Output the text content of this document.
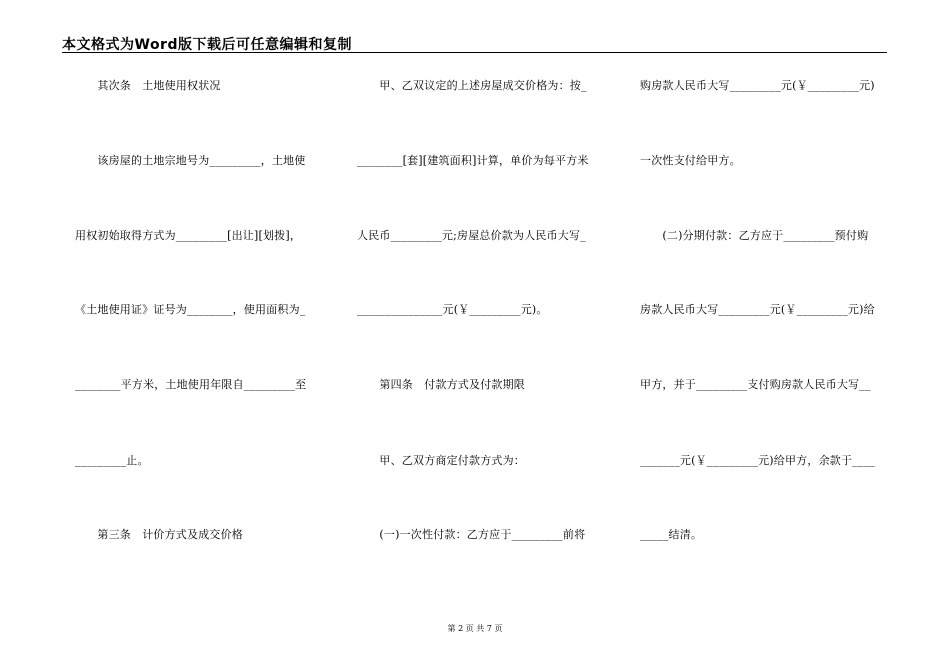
本文格式为Word版下载后可任意编辑和复制
　　其次条　土地使用权状况
　　该房屋的土地宗地号为_________，土地使
用权初始取得方式为_________[出让][划拨]，
《土地使用证》证号为________，使用面积为_
________平方米，土地使用年限自_________至
_________止。
　　第三条　计价方式及成交价格
　　甲、乙双议定的上述房屋成交价格为：按_
________[套][建筑面积]计算，单价为每平方米
人民币_________元;房屋总价款为人民币大写_
_______________元(￥_________元)。
　　第四条　付款方式及付款期限
　　甲、乙双方商定付款方式为：
　　(一)一次性付款：乙方应于_________前将
购房款人民币大写_________元(￥_________元)
一次性支付给甲方。
　　(二)分期付款：乙方应于_________预付购
房款人民币大写_________元(￥_________元)给
甲方，并于_________支付购房款人民币大写__
_______元(￥_________元)给甲方，余款于____
_____结清。
第 2 页 共 7 页
